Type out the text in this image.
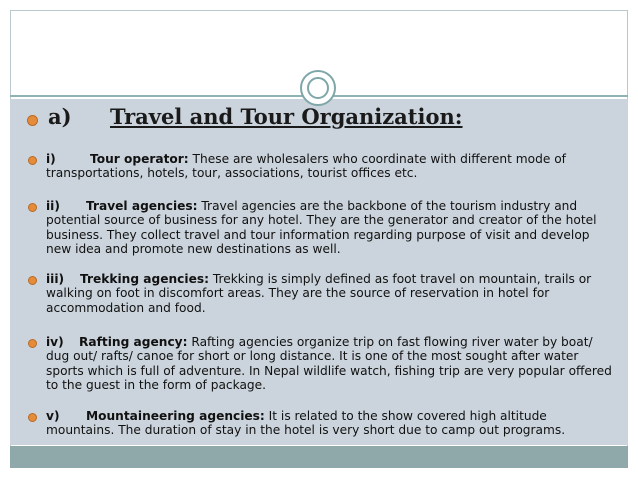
a) Travel and Tour Organization:

i)	Tour operator: These are wholesalers who coordinate with different mode of transportations, hotels, tour, associations, tourist offices etc.

ii) Travel agencies: Travel agencies are the backbone of the tourism industry and potential source of business for any hotel. They are the generator and creator of the hotel business. They collect travel and tour information regarding purpose of visit and develop new idea and promote new destinations as well.

iii) Trekking agencies: Trekking is simply defined as foot travel on mountain, trails or walking on foot in discomfort areas. They are the source of reservation in hotel for accommodation and food.

iv) Rafting agency: Rafting agencies organize trip on fast flowing river water by boat/ dug out/ rafts/ canoe for short or long distance. It is one of the most sought after water sports which is full of adventure. In Nepal wildlife watch, fishing trip are very popular offered to the guest in the form of package.

v) Mountaineering agencies: It is related to the show covered high altitude mountains. The duration of stay in the hotel is very short due to camp out programs.
